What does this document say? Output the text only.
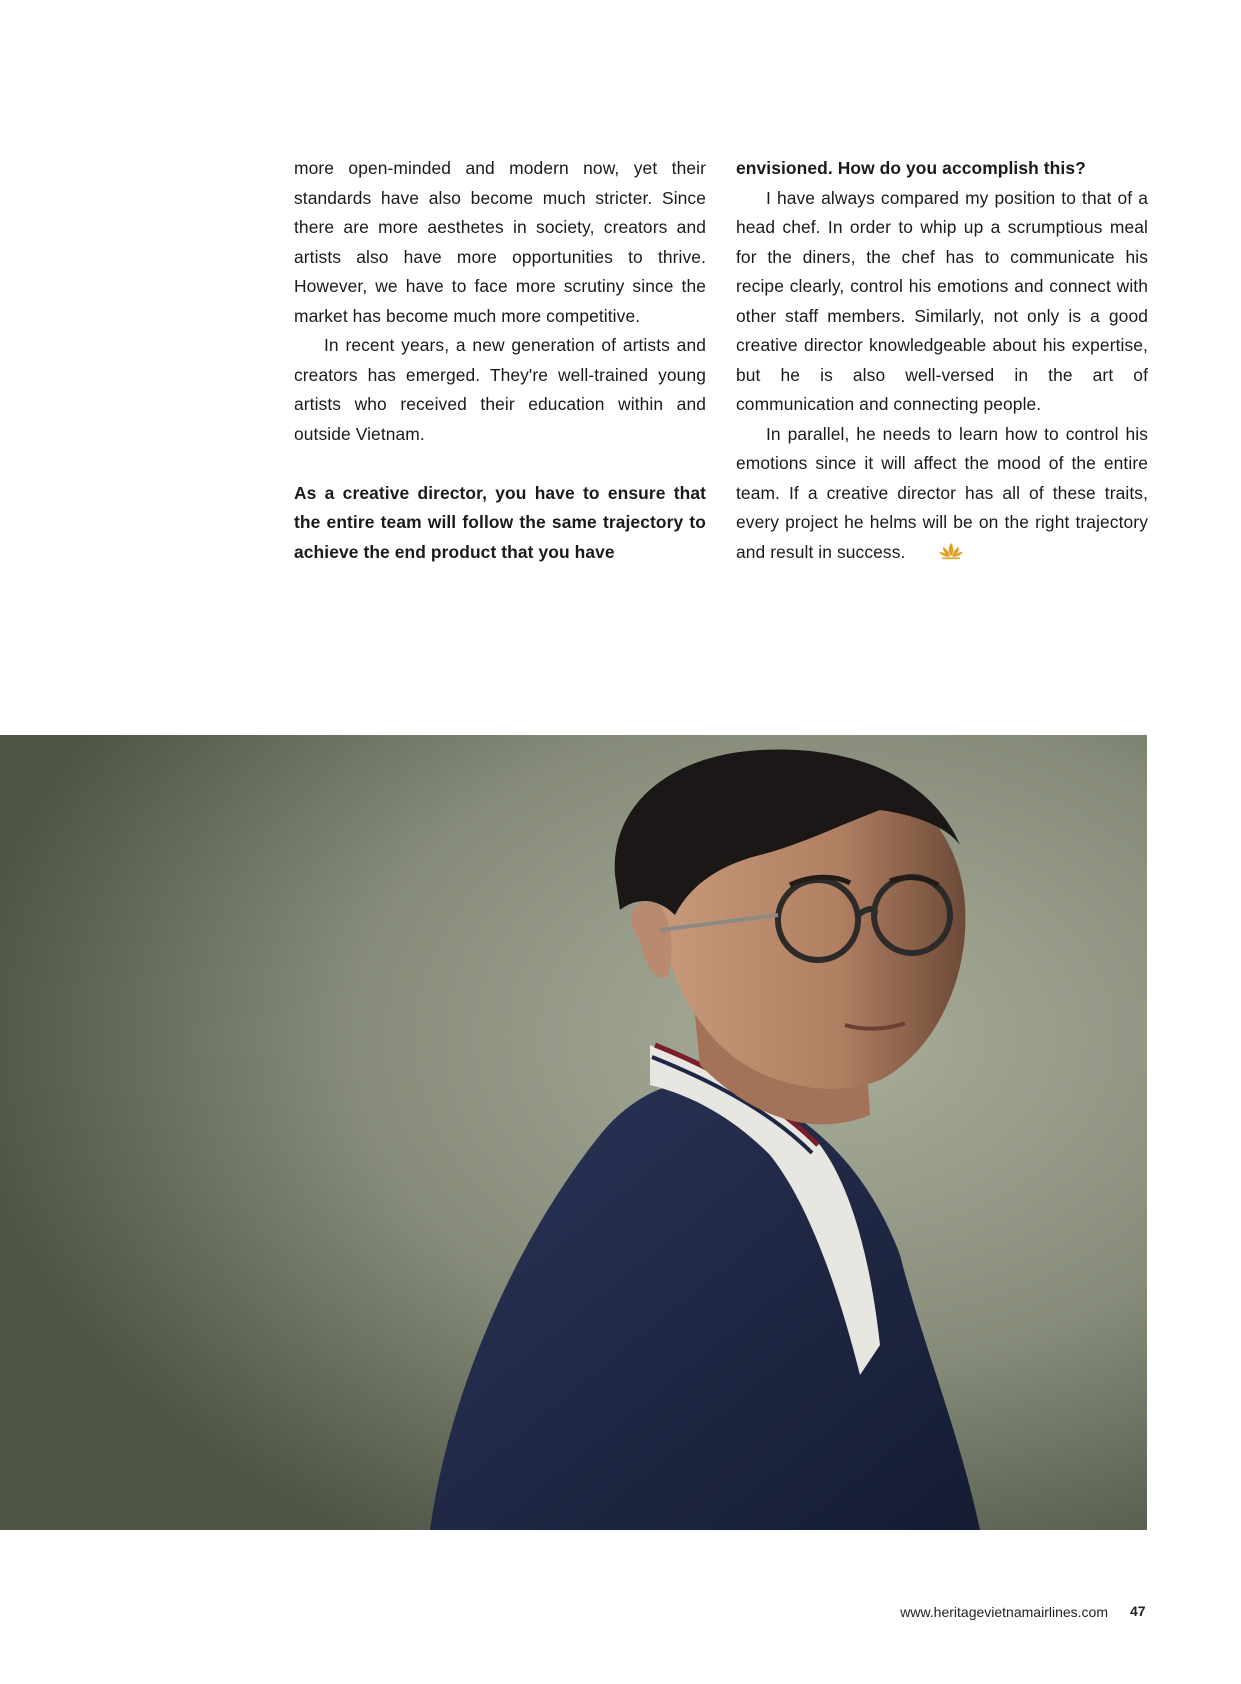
more open-minded and modern now, yet their standards have also become much stricter. Since there are more aesthetes in society, creators and artists also have more opportunities to thrive. However, we have to face more scrutiny since the market has become much more competitive.

In recent years, a new generation of artists and creators has emerged. They're well-trained young artists who received their education within and outside Vietnam.

As a creative director, you have to ensure that the entire team will follow the same trajectory to achieve the end product that you have

envisioned. How do you accomplish this?

I have always compared my position to that of a head chef. In order to whip up a scrumptious meal for the diners, the chef has to communicate his recipe clearly, control his emotions and connect with other staff members. Similarly, not only is a good creative director knowledgeable about his expertise, but he is also well-versed in the art of communication and connecting people.

In parallel, he needs to learn how to control his emotions since it will affect the mood of the entire team. If a creative director has all of these traits, every project he helms will be on the right trajectory and result in success.

www.heritagevietnamairlines.com 47
